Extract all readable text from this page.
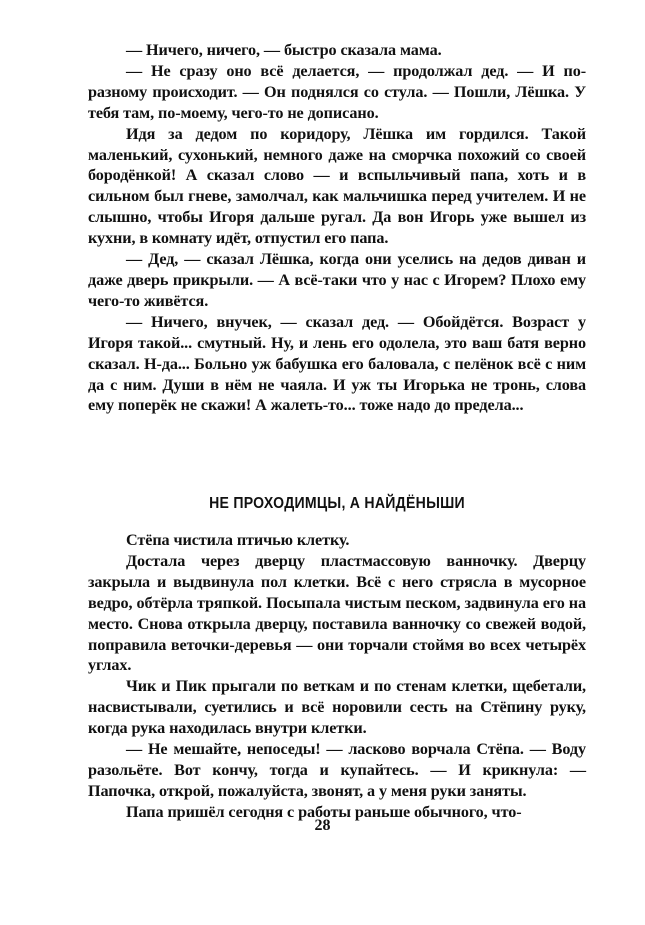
— Ничего, ничего, — быстро сказала мама.

— Не сразу оно всё делается, — продолжал дед. — И по-разному происходит. — Он поднялся со стула. — Пошли, Лёшка. У тебя там, по-моему, чего-то не дописано.

Идя за дедом по коридору, Лёшка им гордился. Такой маленький, сухонький, немного даже на сморчка похожий со своей бородёнкой! А сказал слово — и вспыльчивый папа, хоть и в сильном был гневе, замолчал, как мальчишка перед учителем. И не слышно, чтобы Игоря дальше ругал. Да вон Игорь уже вышел из кухни, в комнату идёт, отпустил его папа.

— Дед, — сказал Лёшка, когда они уселись на дедов диван и даже дверь прикрыли. — А всё-таки что у нас с Игорем? Плохо ему чего-то живётся.

— Ничего, внучек, — сказал дед. — Обойдётся. Возраст у Игоря такой... смутный. Ну, и лень его одолела, это ваш батя верно сказал. Н-да... Больно уж бабушка его баловала, с пелёнок всё с ним да с ним. Души в нём не чаяла. И уж ты Игорька не тронь, слова ему поперёк не скажи! А жалеть-то... тоже надо до предела...

НЕ ПРОХОДИМЦЫ, А НАЙДЁНЫШИ

Стёпа чистила птичью клетку.

Достала через дверцу пластмассовую ванночку. Дверцу закрыла и выдвинула пол клетки. Всё с него стрясла в мусорное ведро, обтёрла тряпкой. Посыпала чистым песком, задвинула его на место. Снова открыла дверцу, поставила ванночку со свежей водой, поправила веточки-деревья — они торчали стоймя во всех четырёх углах.

Чик и Пик прыгали по веткам и по стенам клетки, щебетали, насвистывали, суетились и всё норовили сесть на Стёпину руку, когда рука находилась внутри клетки.

— Не мешайте, непоседы! — ласково ворчала Стёпа. — Воду разольёте. Вот кончу, тогда и купайтесь. — И крикнула: — Папочка, открой, пожалуйста, звонят, а у меня руки заняты.

Папа пришёл сегодня с работы раньше обычного, что-

28
